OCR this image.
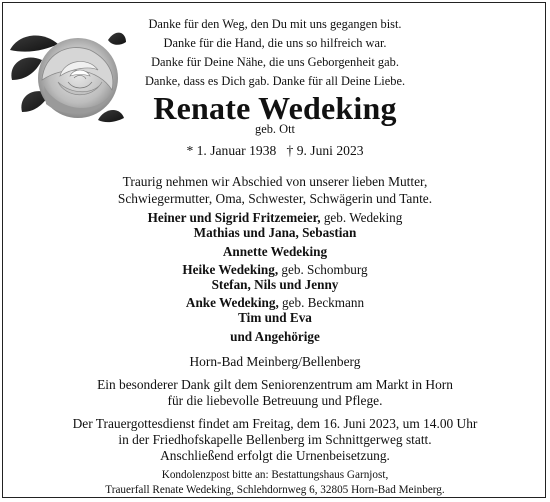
Danke für den Weg, den Du mit uns gegangen bist.
Danke für die Hand, die uns so hilfreich war.
Danke für Deine Nähe, die uns Geborgenheit gab.
Danke, dass es Dich gab. Danke für all Deine Liebe.
Renate Wedeking
geb. Ott
* 1. Januar 1938 † 9. Juni 2023
Traurig nehmen wir Abschied von unserer lieben Mutter,
Schwiegermutter, Oma, Schwester, Schwägerin und Tante.
Heiner und Sigrid Fritzemeier, geb. Wedeking
Mathias und Jana, Sebastian
Annette Wedeking
Heike Wedeking, geb. Schomburg
Stefan, Nils und Jenny
Anke Wedeking, geb. Beckmann
Tim und Eva
und Angehörige
Horn-Bad Meinberg/Bellenberg
Ein besonderer Dank gilt dem Seniorenzentrum am Markt in Horn
für die liebevolle Betreuung und Pflege.
Der Trauergottesdienst findet am Freitag, dem 16. Juni 2023, um 14.00 Uhr
in der Friedhofskapelle Bellenberg im Schnittgerweg statt.
Anschließend erfolgt die Urnenbeisetzung.
Kondolenzpost bitte an: Bestattungshaus Garnjost,
Trauerfall Renate Wedeking, Schlehdornweg 6, 32805 Horn-Bad Meinberg.
